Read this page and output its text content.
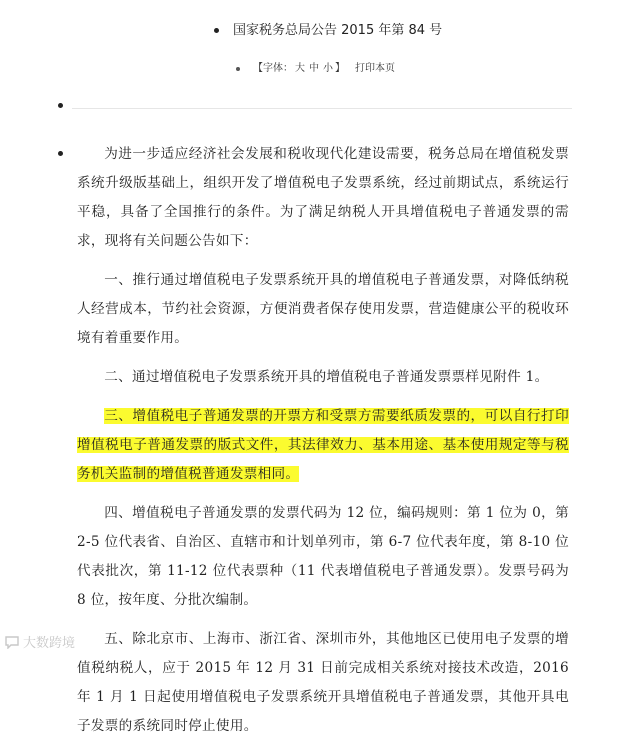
国家税务总局公告 2015 年第 84 号
【字体： 大 中 小 】 打印本页

为进一步适应经济社会发展和税收现代化建设需要，税务总局在增值税发票系统升级版基础上，组织开发了增值税电子发票系统，经过前期试点，系统运行平稳，具备了全国推行的条件。为了满足纳税人开具增值税电子普通发票的需求，现将有关问题公告如下：

一、推行通过增值税电子发票系统开具的增值税电子普通发票，对降低纳税人经营成本，节约社会资源，方便消费者保存使用发票，营造健康公平的税收环境有着重要作用。

二、通过增值税电子发票系统开具的增值税电子普通发票票样见附件 1。

三、增值税电子普通发票的开票方和受票方需要纸质发票的，可以自行打印增值税电子普通发票的版式文件，其法律效力、基本用途、基本使用规定等与税务机关监制的增值税普通发票相同。

四、增值税电子普通发票的发票代码为 12 位，编码规则：第 1 位为 0，第 2-5 位代表省、自治区、直辖市和计划单列市，第 6-7 位代表年度，第 8-10 位代表批次，第 11-12 位代表票种（11 代表增值税电子普通发票）。发票号码为 8 位，按年度、分批次编制。

五、除北京市、上海市、浙江省、深圳市外，其他地区已使用电子发票的增值税纳税人，应于 2015 年 12 月 31 日前完成相关系统对接技术改造，2016 年 1 月 1 日起使用增值税电子发票系统开具增值税电子普通发票，其他开具电子发票的系统同时停止使用。

大数跨境
